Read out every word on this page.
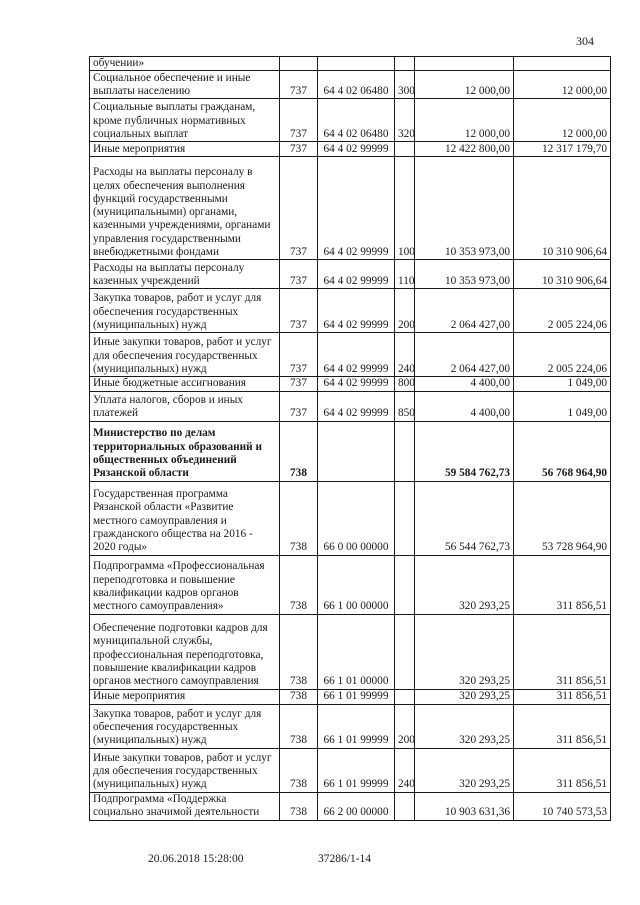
304
обучении»					
Социальное обеспечение и иные выплаты населению	737	64 4 02 06480	300	12 000,00	12 000,00
Социальные выплаты гражданам, кроме публичных нормативных социальных выплат	737	64 4 02 06480	320	12 000,00	12 000,00
Иные мероприятия	737	64 4 02 99999		12 422 800,00	12 317 179,70
Расходы на выплаты персоналу в целях обеспечения выполнения функций государственными (муниципальными) органами, казенными учреждениями, органами управления государственными внебюджетными фондами	737	64 4 02 99999	100	10 353 973,00	10 310 906,64
Расходы на выплаты персоналу казенных учреждений	737	64 4 02 99999	110	10 353 973,00	10 310 906,64
Закупка товаров, работ и услуг для обеспечения государственных (муниципальных) нужд	737	64 4 02 99999	200	2 064 427,00	2 005 224,06
Иные закупки товаров, работ и услуг для обеспечения государственных (муниципальных) нужд	737	64 4 02 99999	240	2 064 427,00	2 005 224,06
Иные бюджетные ассигнования	737	64 4 02 99999	800	4 400,00	1 049,00
Уплата налогов, сборов и иных платежей	737	64 4 02 99999	850	4 400,00	1 049,00
Министерство по делам территориальных образований и общественных объединений Рязанской области	738			59 584 762,73	56 768 964,90
Государственная программа Рязанской области «Развитие местного самоуправления и гражданского общества на 2016 - 2020 годы»	738	66 0 00 00000		56 544 762,73	53 728 964,90
Подпрограмма «Профессиональная переподготовка и повышение квалификации кадров органов местного самоуправления»	738	66 1 00 00000		320 293,25	311 856,51
Обеспечение подготовки кадров для муниципальной службы, профессиональная переподготовка, повышение квалификации кадров органов местного самоуправления	738	66 1 01 00000		320 293,25	311 856,51
Иные мероприятия	738	66 1 01 99999		320 293,25	311 856,51
Закупка товаров, работ и услуг для обеспечения государственных (муниципальных) нужд	738	66 1 01 99999	200	320 293,25	311 856,51
Иные закупки товаров, работ и услуг для обеспечения государственных (муниципальных) нужд	738	66 1 01 99999	240	320 293,25	311 856,51
Подпрограмма «Поддержка социально значимой деятельности	738	66 2 00 00000		10 903 631,36	10 740 573,53
20.06.2018 15:28:00	37286/1-14
